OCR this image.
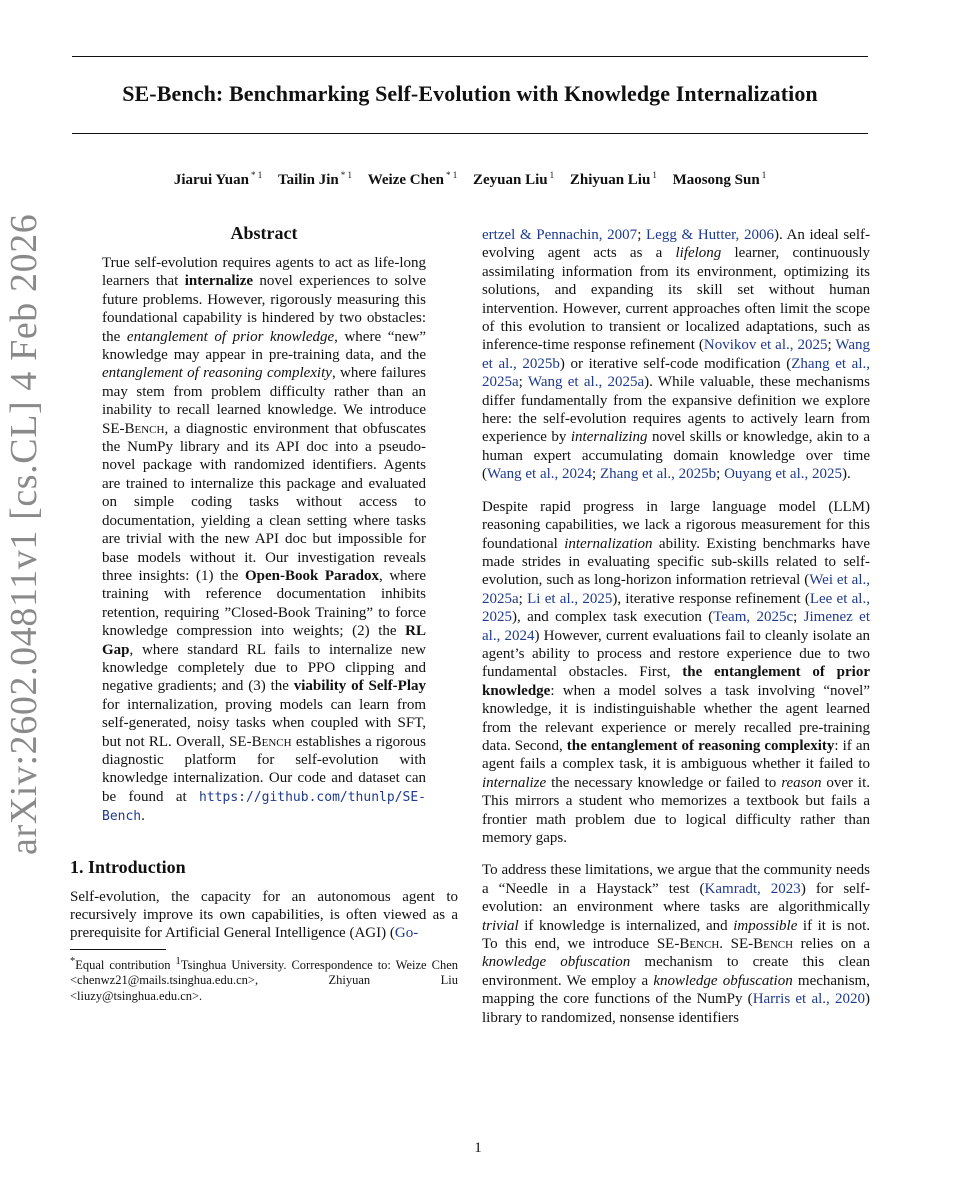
SE-Bench: Benchmarking Self-Evolution with Knowledge Internalization
Jiarui Yuan $^{* 1}$ Tailin Jin $^{* 1}$ Weize Chen $^{* 1}$ Zeyuan Liu $^1$ Zhiyuan Liu $^1$ Maosong Sun $^1$
arXiv:2602.04811v1 [cs.CL] 4 Feb 2026	Abstract

True self-evolution requires agents to act as life-long learners that internalize novel experiences to solve future problems. However, rigorously measuring this foundational capability is hindered by two obstacles: the entanglement of prior knowledge, where “new” knowledge may appear in pre-training data, and the entanglement of reasoning complexity, where failures may stem from problem difficulty rather than an inability to recall learned knowledge. We introduce SE-Bench, a diagnostic environment that obfuscates the NumPy library and its API doc into a pseudo-novel package with randomized identifiers. Agents are trained to internalize this package and evaluated on simple coding tasks without access to documentation, yielding a clean setting where tasks are trivial with the new API doc but impossible for base models without it. Our investigation reveals three insights: (1) the Open-Book Paradox, where training with reference documentation inhibits retention, requiring ”Closed-Book Training” to force knowledge compression into weights; (2) the RL Gap, where standard RL fails to internalize new knowledge completely due to PPO clipping and negative gradients; and (3) the viability of Self-Play for internalization, proving models can learn from self-generated, noisy tasks when coupled with SFT, but not RL. Overall, SE-Bench establishes a rigorous diagnostic platform for self-evolution with knowledge internalization. Our code and dataset can be found at https://github.com/thunlp/SE-Bench.

1. Introduction

Self-evolution, the capacity for an autonomous agent to recursively improve its own capabilities, is often viewed as a prerequisite for Artificial General Intelligence (AGI) (Go-

*Equal contribution $^1$Tsinghua University. Correspondence to: Weize Chen <chenwz21@mails.tsinghua.edu.cn>, Zhiyuan Liu <liuzy@tsinghua.edu.cn>.

ertzel & Pennachin, 2007; Legg & Hutter, 2006). An ideal self-evolving agent acts as a lifelong learner, continuously assimilating information from its environment, optimizing its solutions, and expanding its skill set without human intervention. However, current approaches often limit the scope of this evolution to transient or localized adaptations, such as inference-time response refinement (Novikov et al., 2025; Wang et al., 2025b) or iterative self-code modification (Zhang et al., 2025a; Wang et al., 2025a). While valuable, these mechanisms differ fundamentally from the expansive definition we explore here: the self-evolution requires agents to actively learn from experience by internalizing novel skills or knowledge, akin to a human expert accumulating domain knowledge over time (Wang et al., 2024; Zhang et al., 2025b; Ouyang et al., 2025).

Despite rapid progress in large language model (LLM) reasoning capabilities, we lack a rigorous measurement for this foundational internalization ability. Existing benchmarks have made strides in evaluating specific sub-skills related to self-evolution, such as long-horizon information retrieval (Wei et al., 2025a; Li et al., 2025), iterative response refinement (Lee et al., 2025), and complex task execution (Team, 2025c; Jimenez et al., 2024) However, current evaluations fail to cleanly isolate an agent’s ability to process and restore experience due to two fundamental obstacles. First, the entanglement of prior knowledge: when a model solves a task involving “novel” knowledge, it is indistinguishable whether the agent learned from the relevant experience or merely recalled pre-training data. Second, the entanglement of reasoning complexity: if an agent fails a complex task, it is ambiguous whether it failed to internalize the necessary knowledge or failed to reason over it. This mirrors a student who memorizes a textbook but fails a frontier math problem due to logical difficulty rather than memory gaps.

To address these limitations, we argue that the community needs a “Needle in a Haystack” test (Kamradt, 2023) for self-evolution: an environment where tasks are algorithmically trivial if knowledge is internalized, and impossible if it is not. To this end, we introduce SE-Bench. SE-Bench relies on a knowledge obfuscation mechanism to create this clean environment. We employ a knowledge obfuscation mechanism, mapping the core functions of the NumPy (Harris et al., 2020) library to randomized, nonsense identifiers

1
